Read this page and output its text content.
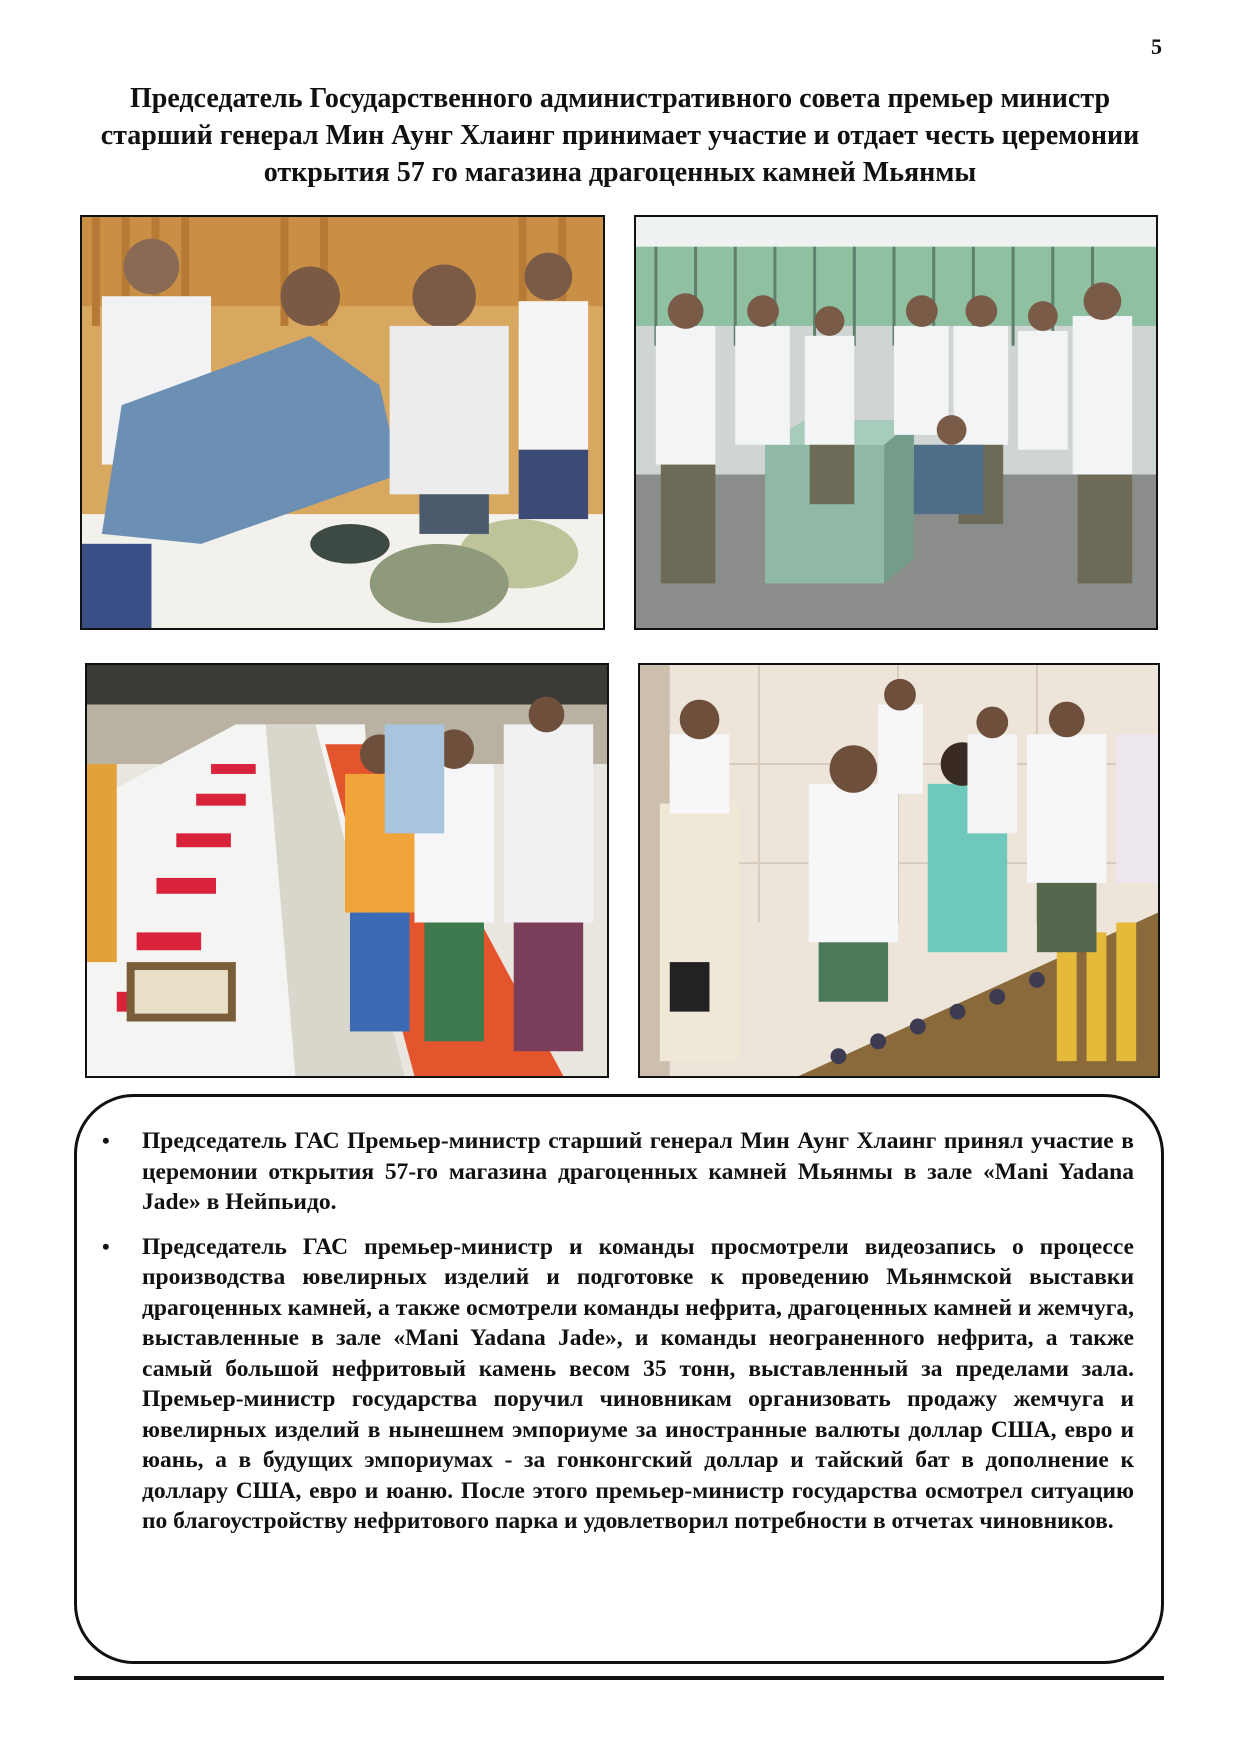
5
Председатель Государственного административного совета премьер министр старший генерал Мин Аунг Хлаинг принимает участие и отдает честь церемонии открытия 57 го магазина драгоценных камней Мьянмы
• Председатель ГАС Премьер-министр старший генерал Мин Аунг Хлаинг принял участие в церемонии открытия 57-го магазина драгоценных камней Мьянмы в зале «Mani Yadana Jade» в Нейпьидо.
• Председатель ГАС премьер-министр и команды просмотрели видеозапись о процессе производства ювелирных изделий и подготовке к проведению Мьянмской выставки драгоценных камней, а также осмотрели команды нефрита, драгоценных камней и жемчуга, выставленные в зале «Mani Yadana Jade», и команды неограненного нефрита, а также самый большой нефритовый камень весом 35 тонн, выставленный за пределами зала. Премьер-министр государства поручил чиновникам организовать продажу жемчуга и ювелирных изделий в нынешнем эмпориуме за иностранные валюты доллар США, евро и юань, а в будущих эмпориумах - за гонконгский доллар и тайский бат в дополнение к доллару США, евро и юаню. После этого премьер-министр государства осмотрел ситуацию по благоустройству нефритового парка и удовлетворил потребности в отчетах чиновников.
